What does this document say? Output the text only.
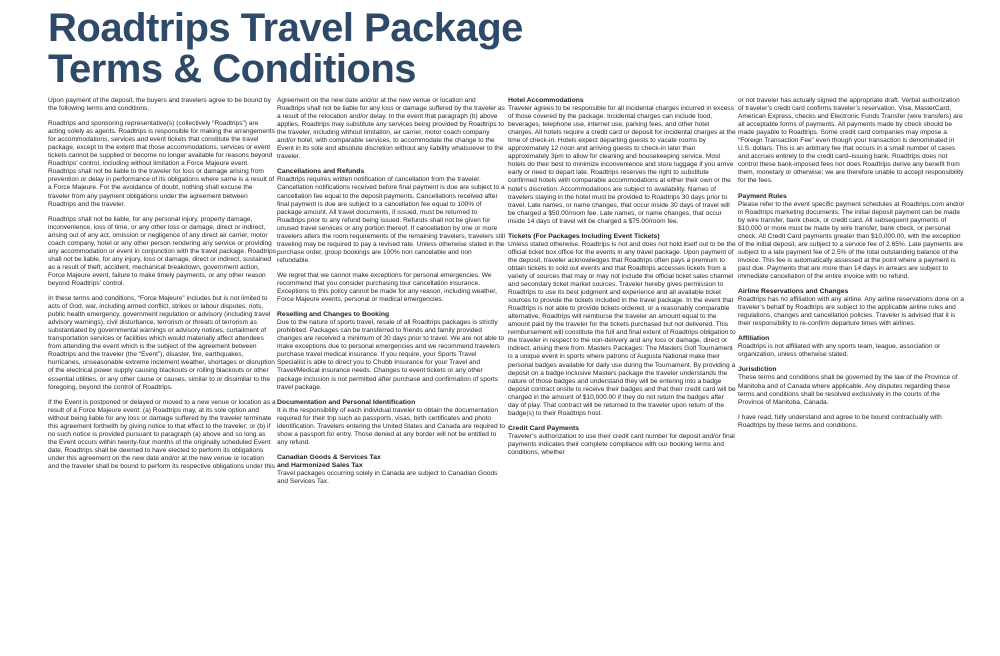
Roadtrips Travel Package
Terms & Conditions

Upon payment of the deposit, the buyers and travelers agree to be bound by the following terms and conditions.

Roadtrips and sponsoring representative(s) (collectively “Roadtrips”) are acting solely as agents. Roadtrips is responsible for making the arrangements for accommodations, services and event tickets that constitute the travel package, except to the extent that those accommodations, services or event tickets cannot be supplied or become no longer available for reasons beyond Roadtrips’ control, including without limitation a Force Majeure event. Roadtrips shall not be liable to the traveler for loss or damage arising from prevention or delay in performance of its obligations where same is a result of a Force Majeure. For the avoidance of doubt, nothing shall excuse the traveler from any payment obligations under the agreement between Roadtrips and the traveler.

Roadtrips shall not be liable, for any personal injury, property damage, inconvenience, loss of time, or any other loss or damage, direct or indirect, arising out of any act, omission or negligence of any direct air carrier, motor coach company, hotel or any other person rendering any service or providing any accommodation or event in conjunction with the travel package. Roadtrips shall not be liable, for any injury, loss or damage, direct or indirect, sustained as a result of theft, accident, mechanical breakdown, government action, Force Majeure event, failure to make timely payments, or any other reason beyond Roadtrips’ control.

In these terms and conditions, “Force Majeure” includes but is not limited to acts of God, war, including armed conflict, strikes or labour disputes, riots, public health emergency, government regulation or advisory (including travel advisory warnings), civil disturbance, terrorism or threats of terrorism as substantiated by governmental warnings or advisory notices, curtailment of transportation services or facilities which would materially affect attendees from attending the event which is the subject of the agreement between Roadtrips and the traveler (the “Event”), disaster, fire, earthquakes, hurricanes, unseasonable extreme inclement weather, shortages or disruption of the electrical power supply causing blackouts or rolling blackouts or other essential utilities, or any other cause or causes, similar to or dissimilar to the foregoing, beyond the control of Roadtrips.

If the Event is postponed or delayed or moved to a new venue or location as a result of a Force Majeure event: (a) Roadtrips may, at its sole option and without being liable for any loss or damage suffered by the traveler terminate this agreement forthwith by giving notice to that effect to the traveler; or (b) if no such notice is provided pursuant to paragraph (a) above and so long as the Event occurs within twenty-four months of the originally scheduled Event date, Roadtrips shall be deemed to have elected to perform its obligations under this agreement on the new date and/or at the new venue or location and the traveler shall be bound to perform its respective obligations under this

Agreement on the new date and/or at the new venue or location and Roadtrips shall not be liable for any loss or damage suffered by the traveler as a result of the relocation and/or delay. In the event that paragraph (b) above applies, Roadtrips may substitute any services being provided by Roadtrips to the traveler, including without limitation, air carrier, motor coach company and/or hotel, with comparable services, to accommodate the change to the Event in its sole and absolute discretion without any liability whatsoever to the traveler.

Cancellations and Refunds

Roadtrips requires written notification of cancellation from the traveler. Cancellation notifications received before final payment is due are subject to a cancellation fee equal to the deposit payments. Cancellations received after final payment is due are subject to a cancellation fee equal to 100% of package amount. All travel documents, if issued, must be returned to Roadtrips prior to any refund being issued. Refunds shall not be given for unused travel services or any portion thereof. If cancellation by one or more travelers alters the room requirements of the remaining travelers, travelers still traveling may be required to pay a revised rate. Unless otherwise stated in the purchase order, group bookings are 100% non cancelable and non refundable.

We regret that we cannot make exceptions for personal emergencies. We recommend that you consider purchasing tour cancellation insurance. Exceptions to this policy cannot be made for any reason, including weather, Force Majeure events, personal or medical emergencies.

Reselling and Changes to Booking

Due to the nature of sports travel, resale of all Roadtrips packages is strictly prohibited. Packages can be transferred to friends and family provided changes are received a minimum of 30 days prior to travel. We are not able to make exceptions due to personal emergencies and we recommend travelers purchase travel medical insurance. If you require, your Sports Travel Specialist is able to direct you to Chubb Insurance for your Travel and Travel/Medical insurance needs. Changes to event tickets or any other package inclusion is not permitted after purchase and confirmation of sports travel package.

Documentation and Personal Identification

It is the responsibility of each individual traveler to obtain the documentation required for their trip such as passports, visas, birth certificates and photo identification. Travelers entering the United States and Canada are required to show a passport for entry. Those denied at any border will not be entitled to any refund.

Canadian Goods & Services Tax
and Harmonized Sales Tax

Travel packages occurring solely in Canada are subject to Canadian Goods and Services Tax.

Hotel Accommodations

Traveler agrees to be responsible for all incidental charges incurred in excess of those covered by the package. Incidental charges can include food, beverages, telephone use, internet use, parking fees, and other hotel charges. All hotels require a credit card or deposit for incidental charges at the time of check-in. Hotels expect departing guests to vacate rooms by approximately 12 noon and arriving guests to check-in later than approximately 3pm to allow for cleaning and housekeeping service. Most hotels do their best to minimize inconvenience and store luggage if you arrive early or need to depart late. Roadtrips reserves the right to substitute confirmed hotels with comparable accommodations at either their own or the hotel’s discretion. Accommodations are subject to availability. Names of travelers staying in the hotel must be provided to Roadtrips 30 days prior to travel. Late names, or name changes, that occur inside 30 days of travel will be charged a $50.00/room fee. Late names, or name changes, that occur inside 14 days of travel will be charged a $75.00/room fee.

Tickets (For Packages Including Event Tickets)

Unless stated otherwise, Roadtrips is not and does not hold itself out to be the official ticket box office for the events in any travel package. Upon payment of the deposit, traveler acknowledges that Roadtrips often pays a premium to obtain tickets to sold out events and that Roadtrips accesses tickets from a variety of sources that may or may not include the official ticket sales channel and secondary ticket market sources. Traveler hereby gives permission to Roadtrips to use its best judgment and experience and all available ticket sources to provide the tickets included in the travel package. In the event that Roadtrips is not able to provide tickets ordered, or a reasonably comparable alternative, Roadtrips will reimburse the traveler an amount equal to the amount paid by the traveler for the tickets purchased but not delivered. This reimbursement will constitute the full and final extent of Roadtrips obligation to the traveler in respect to the non-delivery and any loss or damage, direct or indirect, arising there from. Masters Packages: The Masters Golf Tournament is a unique event in sports where patrons of Augusta National make their personal badges available for daily use during the Tournament. By providing a deposit on a badge inclusive Masters package the traveler understands the nature of those badges and understand they will be entering into a badge deposit contract onsite to receive their badges and that their credit card will be charged in the amount of $10,000.00 if they do not return the badges after day of play. That contract will be returned to the traveler upon return of the badge(s) to their Roadtrips host.

Credit Card Payments

Traveler’s authorization to use their credit card number for deposit and/or final payments indicates their complete compliance with our booking terms and conditions, whether

or not traveler has actually signed the appropriate draft. Verbal authorization of traveler’s credit card confirms traveler’s reservation. Visa, MasterCard, American Express, checks and Electronic Funds Transfer (wire transfers) are all acceptable forms of payments. All payments made by check should be made payable to Roadtrips. Some credit card companies may impose a “Foreign Transaction Fee” even though your transaction is denominated in U.S. dollars. This is an arbitrary fee that occurs in a small number of cases and accrues entirely to the credit card–issuing bank. Roadtrips does not control these bank-imposed fees nor does Roadtrips derive any benefit from them, monetary or otherwise; we are therefore unable to accept responsibility for the fees.

Payment Rules

Please refer to the event specific payment schedules at Roadtrips.com and/or in Roadtrips marketing documents. The initial deposit payment can be made by wire transfer, bank check, or credit card. All subsequent payments of $10,000 or more must be made by wire transfer, bank check, or personal check. All Credit Card payments greater than $10,000.00, with the exception of the initial deposit, are subject to a service fee of 2.65%. Late payments are subject to a late payment fee of 2.5% of the total outstanding balance of the invoice. This fee is automatically assessed at the point where a payment is past due. Payments that are more than 14 days in arrears are subject to immediate cancellation of the entire invoice with no refund.

Airline Reservations and Changes

Roadtrips has no affiliation with any airline. Any airline reservations done on a traveler’s behalf by Roadtrips are subject to the applicable airline rules and regulations, changes and cancellation policies. Traveler is advised that it is their responsibility to re-confirm departure times with airlines.

Affiliation

Roadtrips is not affiliated with any sports team, league, association or organization, unless otherwise stated.

Jurisdiction

These terms and conditions shall be governed by the law of the Province of Manitoba and of Canada where applicable. Any disputes regarding these terms and conditions shall be resolved exclusively in the courts of the Province of Manitoba, Canada.

I have read, fully understand and agree to be bound contractually with Roadtrips by these terms and conditions.
